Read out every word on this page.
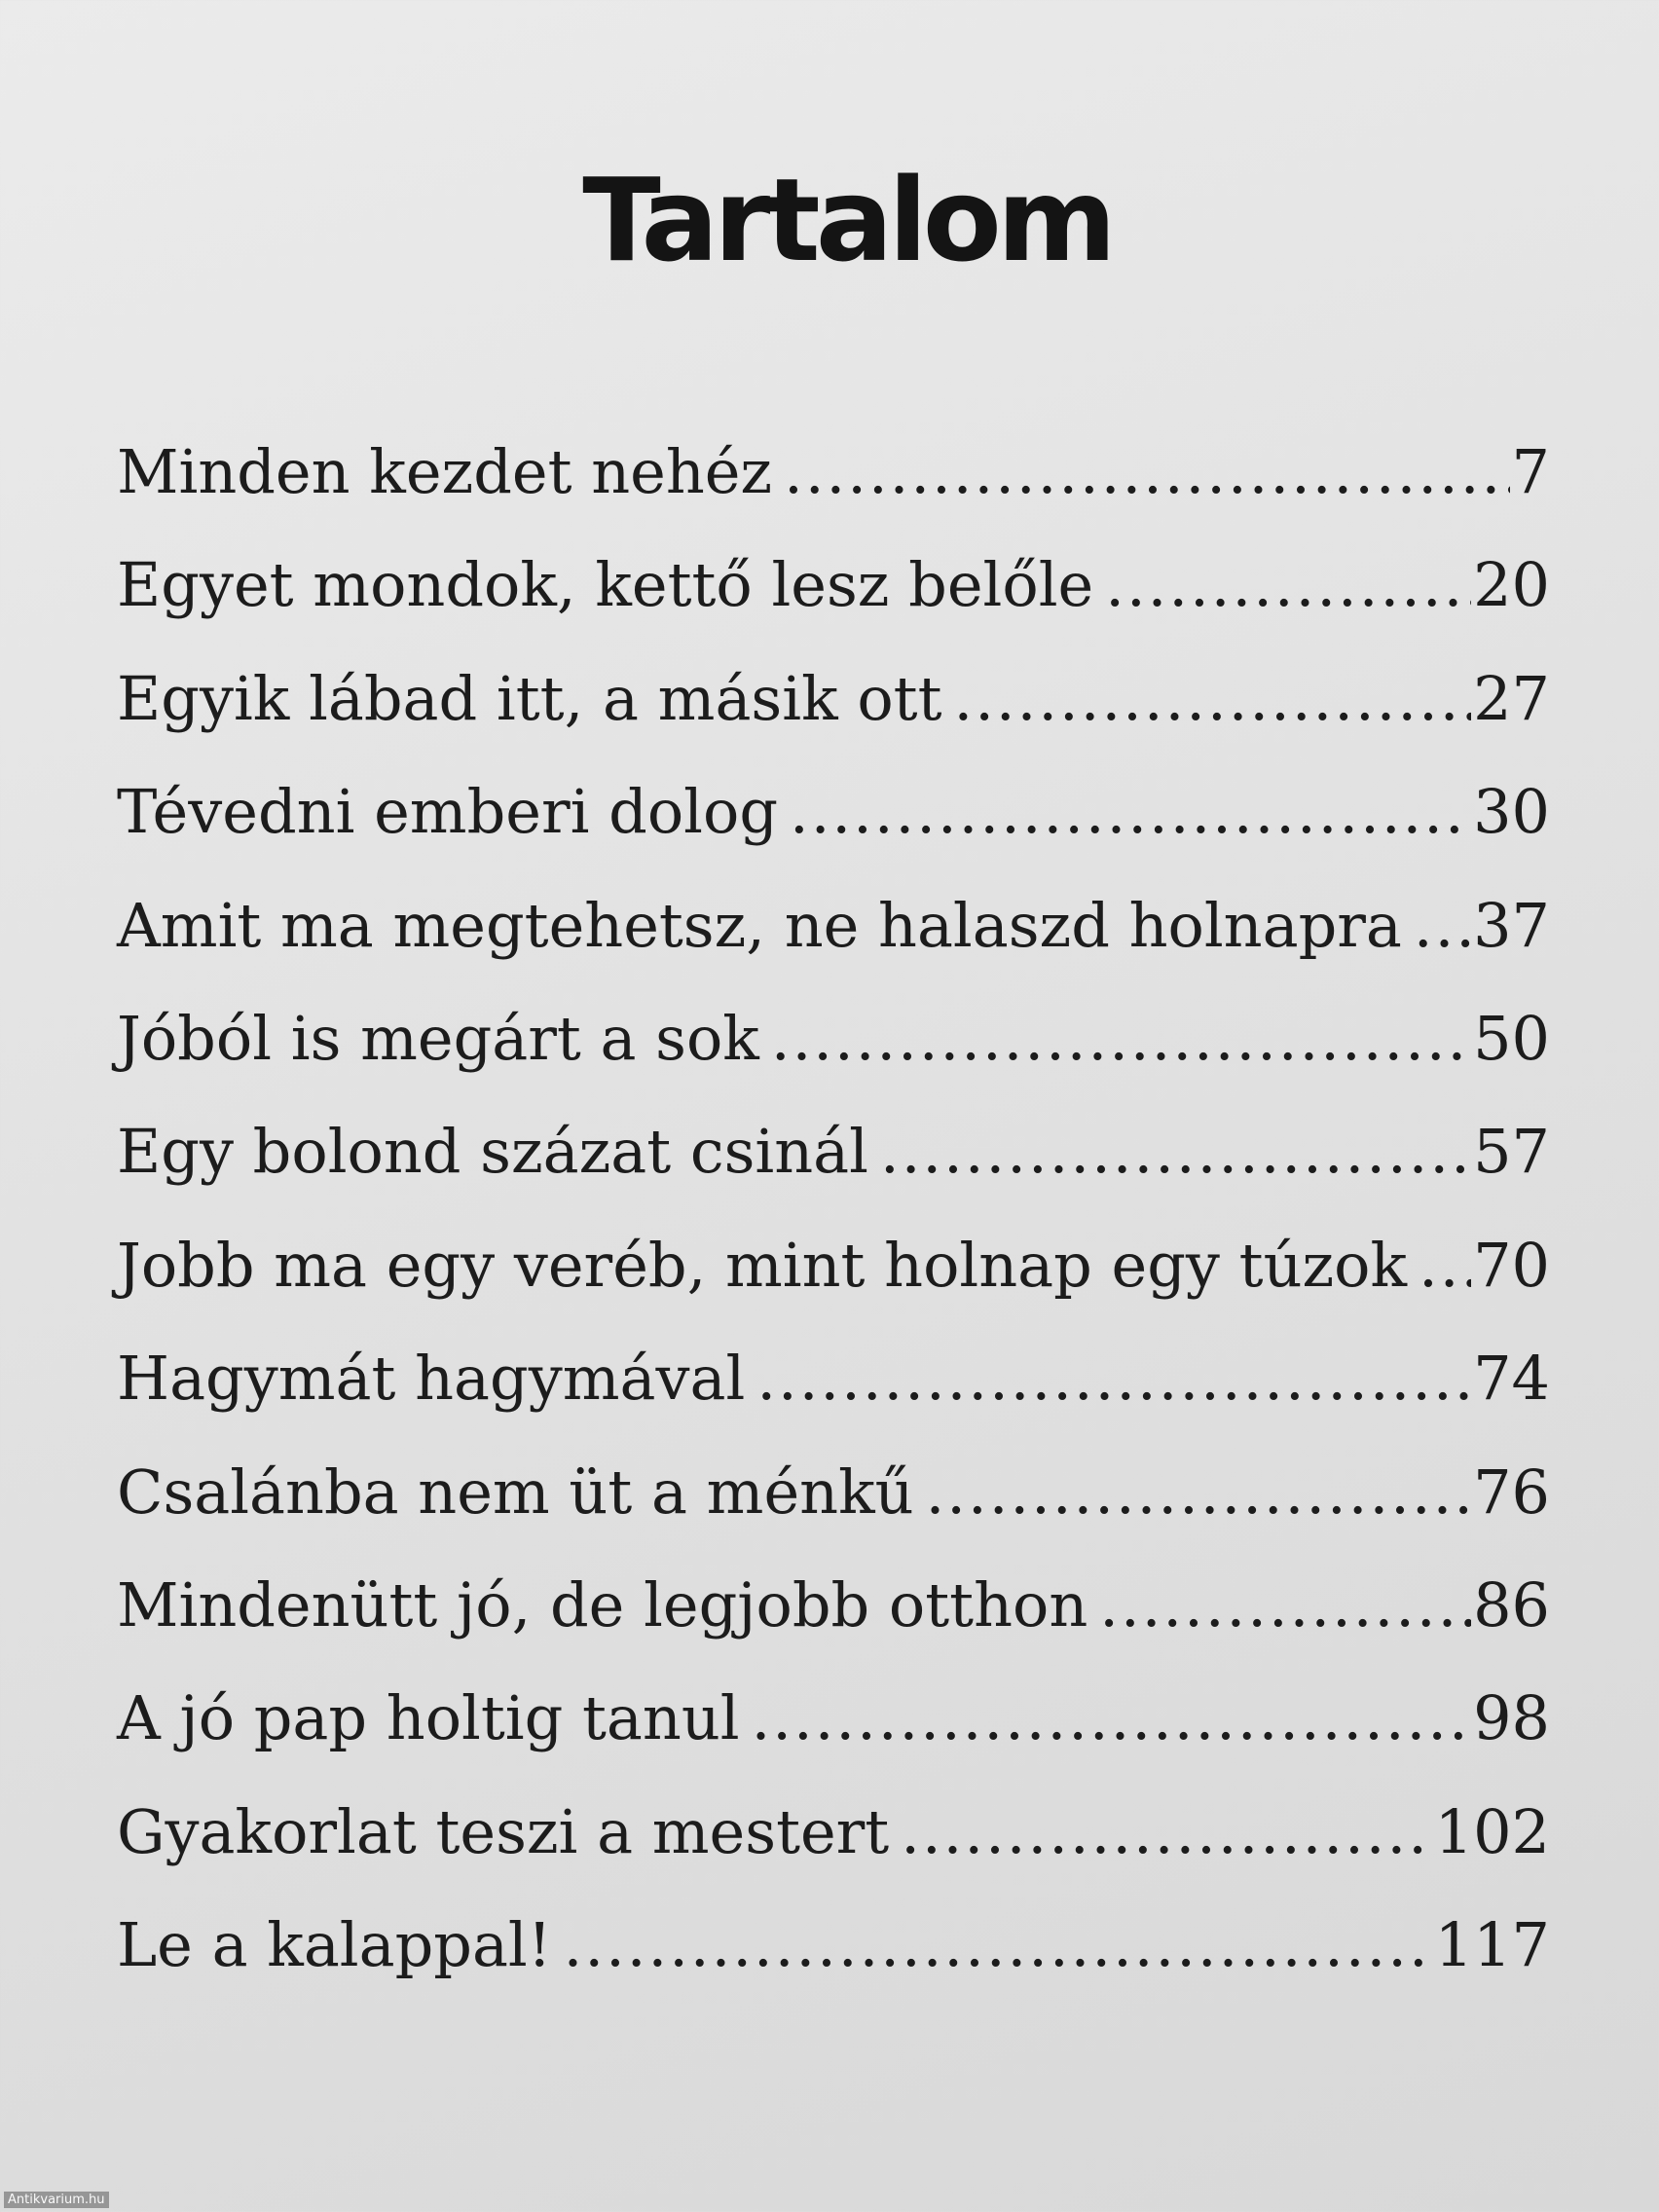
Tartalom
Minden kezdet nehéz .....	7
Egyet mondok, kettő lesz belőle .....	20
Egyik lábad itt, a másik ott .....	27
Tévedni emberi dolog .....	30
Amit ma megtehetsz, ne halaszd holnapra ..... 37
Jóból is megárt a sok .....	50
Egy bolond százat csinál .....	57
Jobb ma egy veréb, mint holnap egy túzok ..... 70
Hagymát hagymával .....	74
Csalánba nem üt a ménkű .....	76
Mindenütt jó, de legjobb otthon .....	86
A jó pap holtig tanul .....	98
Gyakorlat teszi a mestert .....	102
Le a kalappal! .....	117
Antikvarium.hu
